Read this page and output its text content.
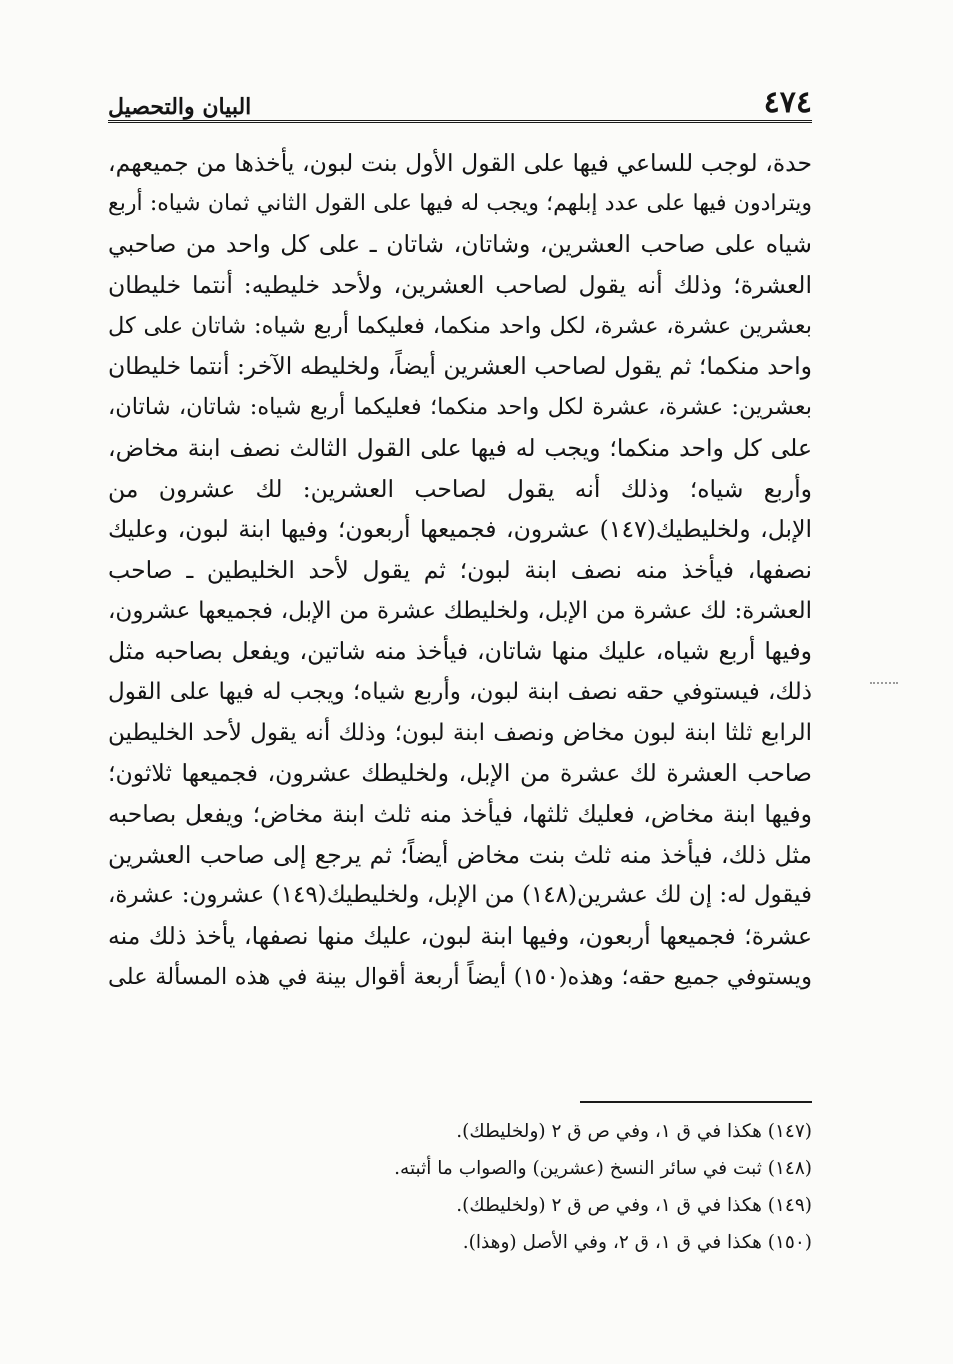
٤٧٤
البيان والتحصيل
حدة، لوجب للساعي فيها على القول الأول بنت لبون، يأخذها من جميعهم،
ويترادون فيها على عدد إبلهم؛ ويجب له فيها على القول الثاني ثمان شياه: أربع
شياه على صاحب العشرين، وشاتان، شاتان ـ على كل واحد من صاحبي
العشرة؛ وذلك أنه يقول لصاحب العشرين، ولأحد خليطيه: أنتما خليطان
بعشرين عشرة، عشرة، لكل واحد منكما، فعليكما أربع شياه: شاتان على كل
واحد منكما؛ ثم يقول لصاحب العشرين أيضاً، ولخليطه الآخر: أنتما خليطان
بعشرين: عشرة، عشرة لكل واحد منكما؛ فعليكما أربع شياه: شاتان، شاتان،
على كل واحد منكما؛ ويجب له فيها على القول الثالث نصف ابنة مخاض،
وأربع شياه؛ وذلك أنه يقول لصاحب العشرين: لك عشرون من
الإبل، ولخليطيك(١٤٧) عشرون، فجميعها أربعون؛ وفيها ابنة لبون، وعليك
نصفها، فيأخذ منه نصف ابنة لبون؛ ثم يقول لأحد الخليطين ـ صاحب
العشرة: لك عشرة من الإبل، ولخليطك عشرة من الإبل، فجميعها عشرون،
وفيها أربع شياه، عليك منها شاتان، فيأخذ منه شاتين، ويفعل بصاحبه مثل
ذلك، فيستوفي حقه نصف ابنة لبون، وأربع شياه؛ ويجب له فيها على القول
الرابع ثلثا ابنة لبون مخاض ونصف ابنة لبون؛ وذلك أنه يقول لأحد الخليطين
صاحب العشرة لك عشرة من الإبل، ولخليطك عشرون، فجميعها ثلاثون؛
وفيها ابنة مخاض، فعليك ثلثها، فيأخذ منه ثلث ابنة مخاض؛ ويفعل بصاحبه
مثل ذلك، فيأخذ منه ثلث بنت مخاض أيضاً؛ ثم يرجع إلى صاحب العشرين
فيقول له: إن لك عشرين(١٤٨) من الإبل، ولخليطيك(١٤٩) عشرون: عشرة،
عشرة؛ فجميعها أربعون، وفيها ابنة لبون، عليك منها نصفها، يأخذ ذلك منه
ويستوفي جميع حقه؛ وهذه(١٥٠) أيضاً أربعة أقوال بينة في هذه المسألة على
(١٤٧) هكذا في ق ١، وفي ص ق ٢ (ولخليطك).
(١٤٨) ثبت في سائر النسخ (عشرين) والصواب ما أثبته.
(١٤٩) هكذا في ق ١، وفي ص ق ٢ (ولخليطك).
(١٥٠) هكذا في ق ١، ق ٢، وفي الأصل (وهذا).
